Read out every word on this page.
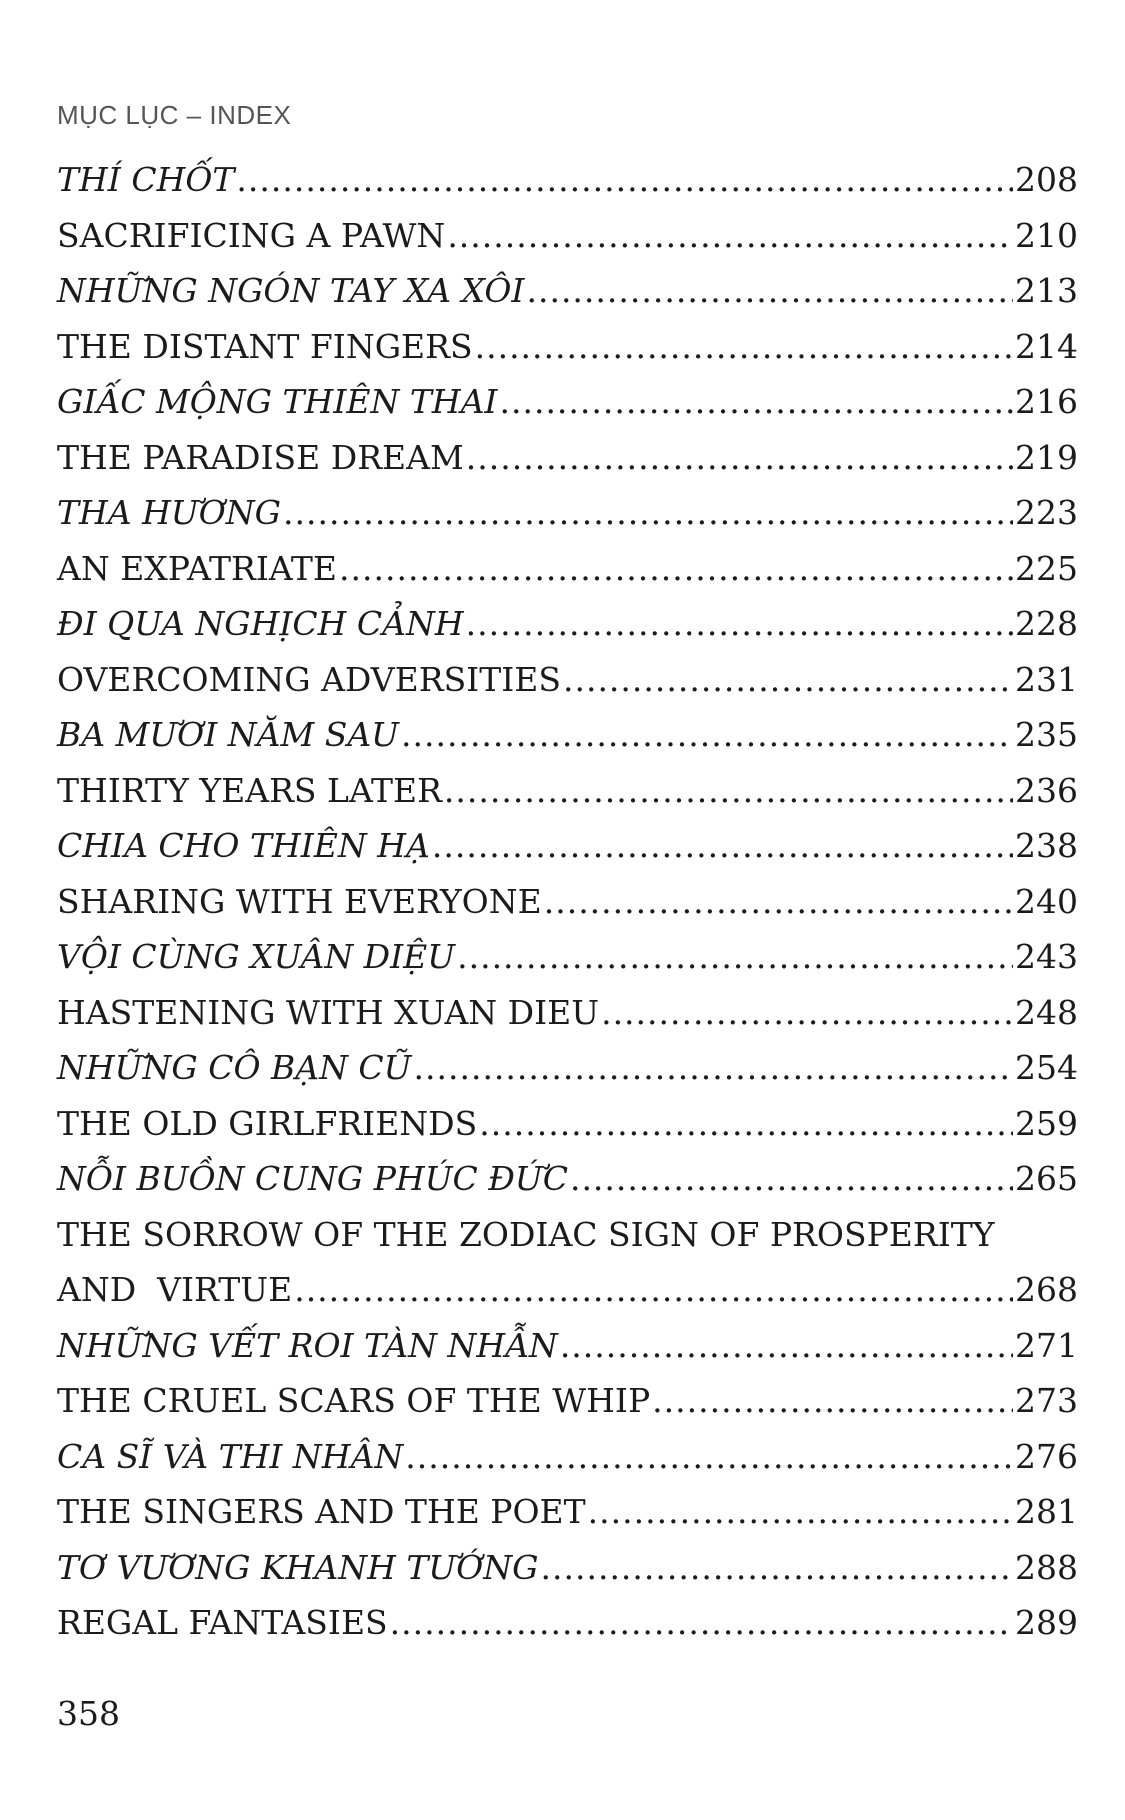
MỤC LỤC – INDEX
THÍ CHỐT .....	208
SACRIFICING A PAWN .....	210
NHỮNG NGÓN TAY XA XÔI .....	213
THE DISTANT FINGERS .....	214
GIẤC MỘNG THIÊN THAI .....	216
THE PARADISE DREAM .....	219
THA HƯƠNG .....	223
AN EXPATRIATE .....	225
ĐI QUA NGHỊCH CẢNH .....	228
OVERCOMING ADVERSITIES .....	231
BA MƯƠI NĂM SAU .....	235
THIRTY YEARS LATER .....	236
CHIA CHO THIÊN HẠ .....	238
SHARING WITH EVERYONE .....	240
VỘI CÙNG XUÂN DIỆU .....	243
HASTENING WITH XUAN DIEU .....	248
NHỮNG CÔ BẠN CŨ .....	254
THE OLD GIRLFRIENDS .....	259
NỖI BUỒN CUNG PHÚC ĐỨC .....	265
THE SORROW OF THE ZODIAC SIGN OF PROSPERITY
AND  VIRTUE .....	268
NHỮNG VẾT ROI TÀN NHẪN .....	271
THE CRUEL SCARS OF THE WHIP .....	273
CA SĨ VÀ THI NHÂN .....	276
THE SINGERS AND THE POET .....	281
TƠ VƯƠNG KHANH TƯỚNG .....	288
REGAL FANTASIES .....	289
358
